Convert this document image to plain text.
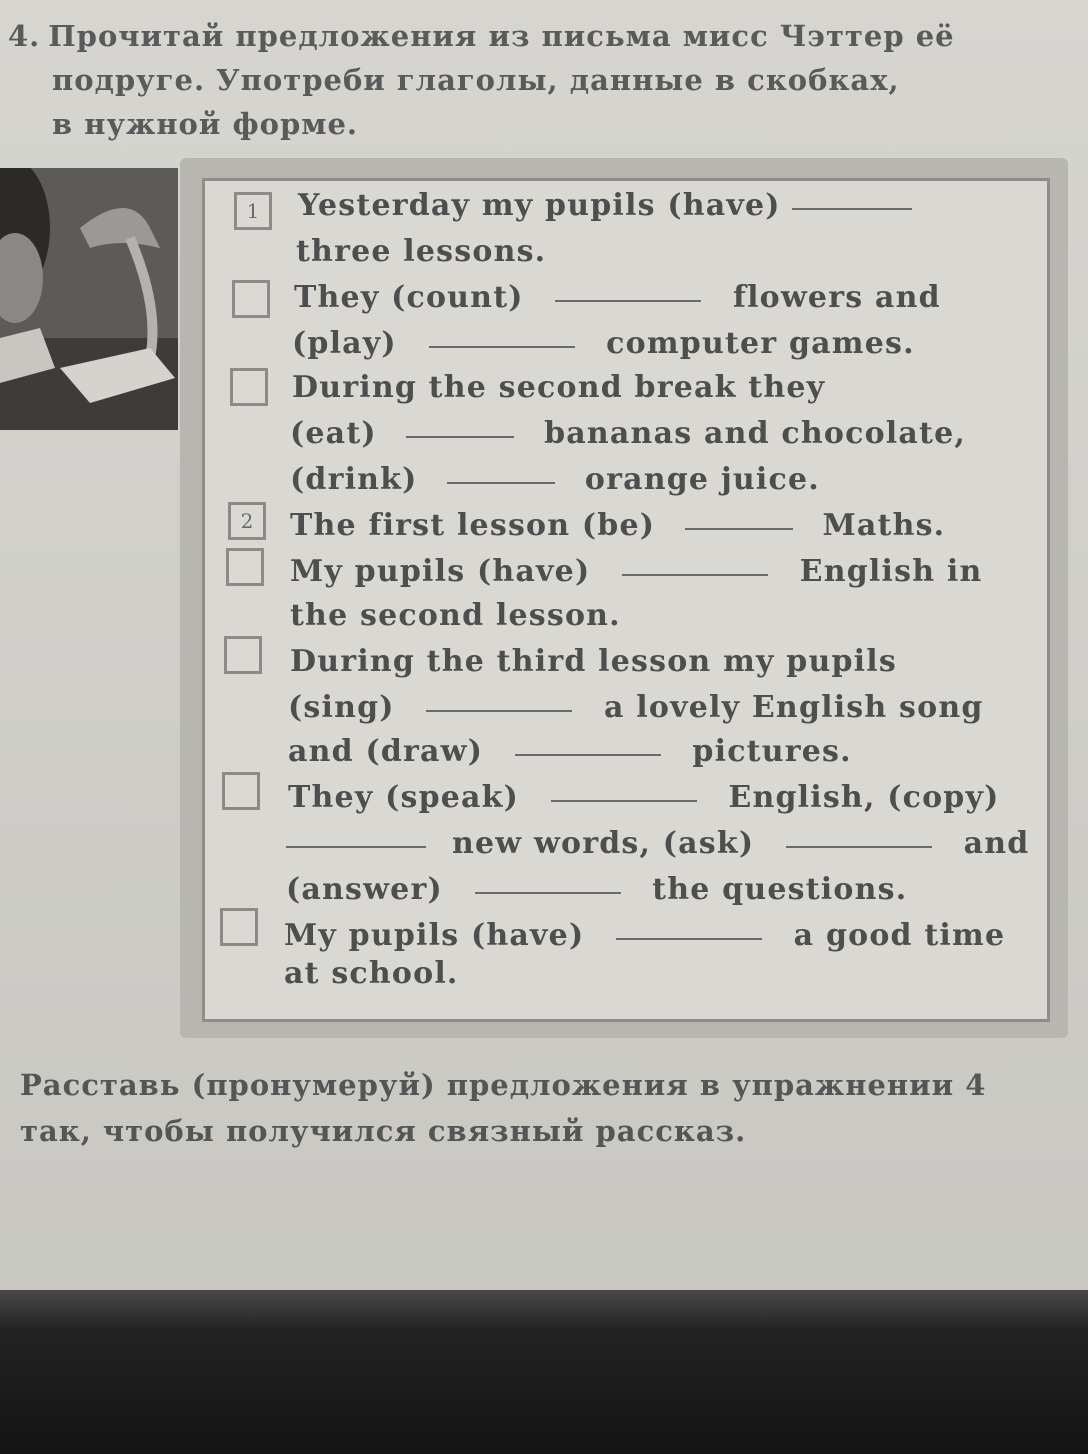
4. Прочитай предложения из письма мисс Чэттер её

подруге. Употреби глаголы, данные в скобках,

в нужной форме.

1
2
Yesterday my pupils (have)
three lessons.
They (count)	flowers and
(play)	computer games.
During the second break they
(eat)	bananas and chocolate,
(drink)	orange juice.
The first lesson (be)	Maths.
My pupils (have)	English in
the second lesson.
During the third lesson my pupils
(sing)	a lovely English song
and (draw)	pictures.
They (speak)	English, (copy)
new words, (ask)	and
(answer)	the questions.
My pupils (have)	a good time
at school.

Расставь (пронумеруй) предложения в упражнении 4

так, чтобы получился связный рассказ.
